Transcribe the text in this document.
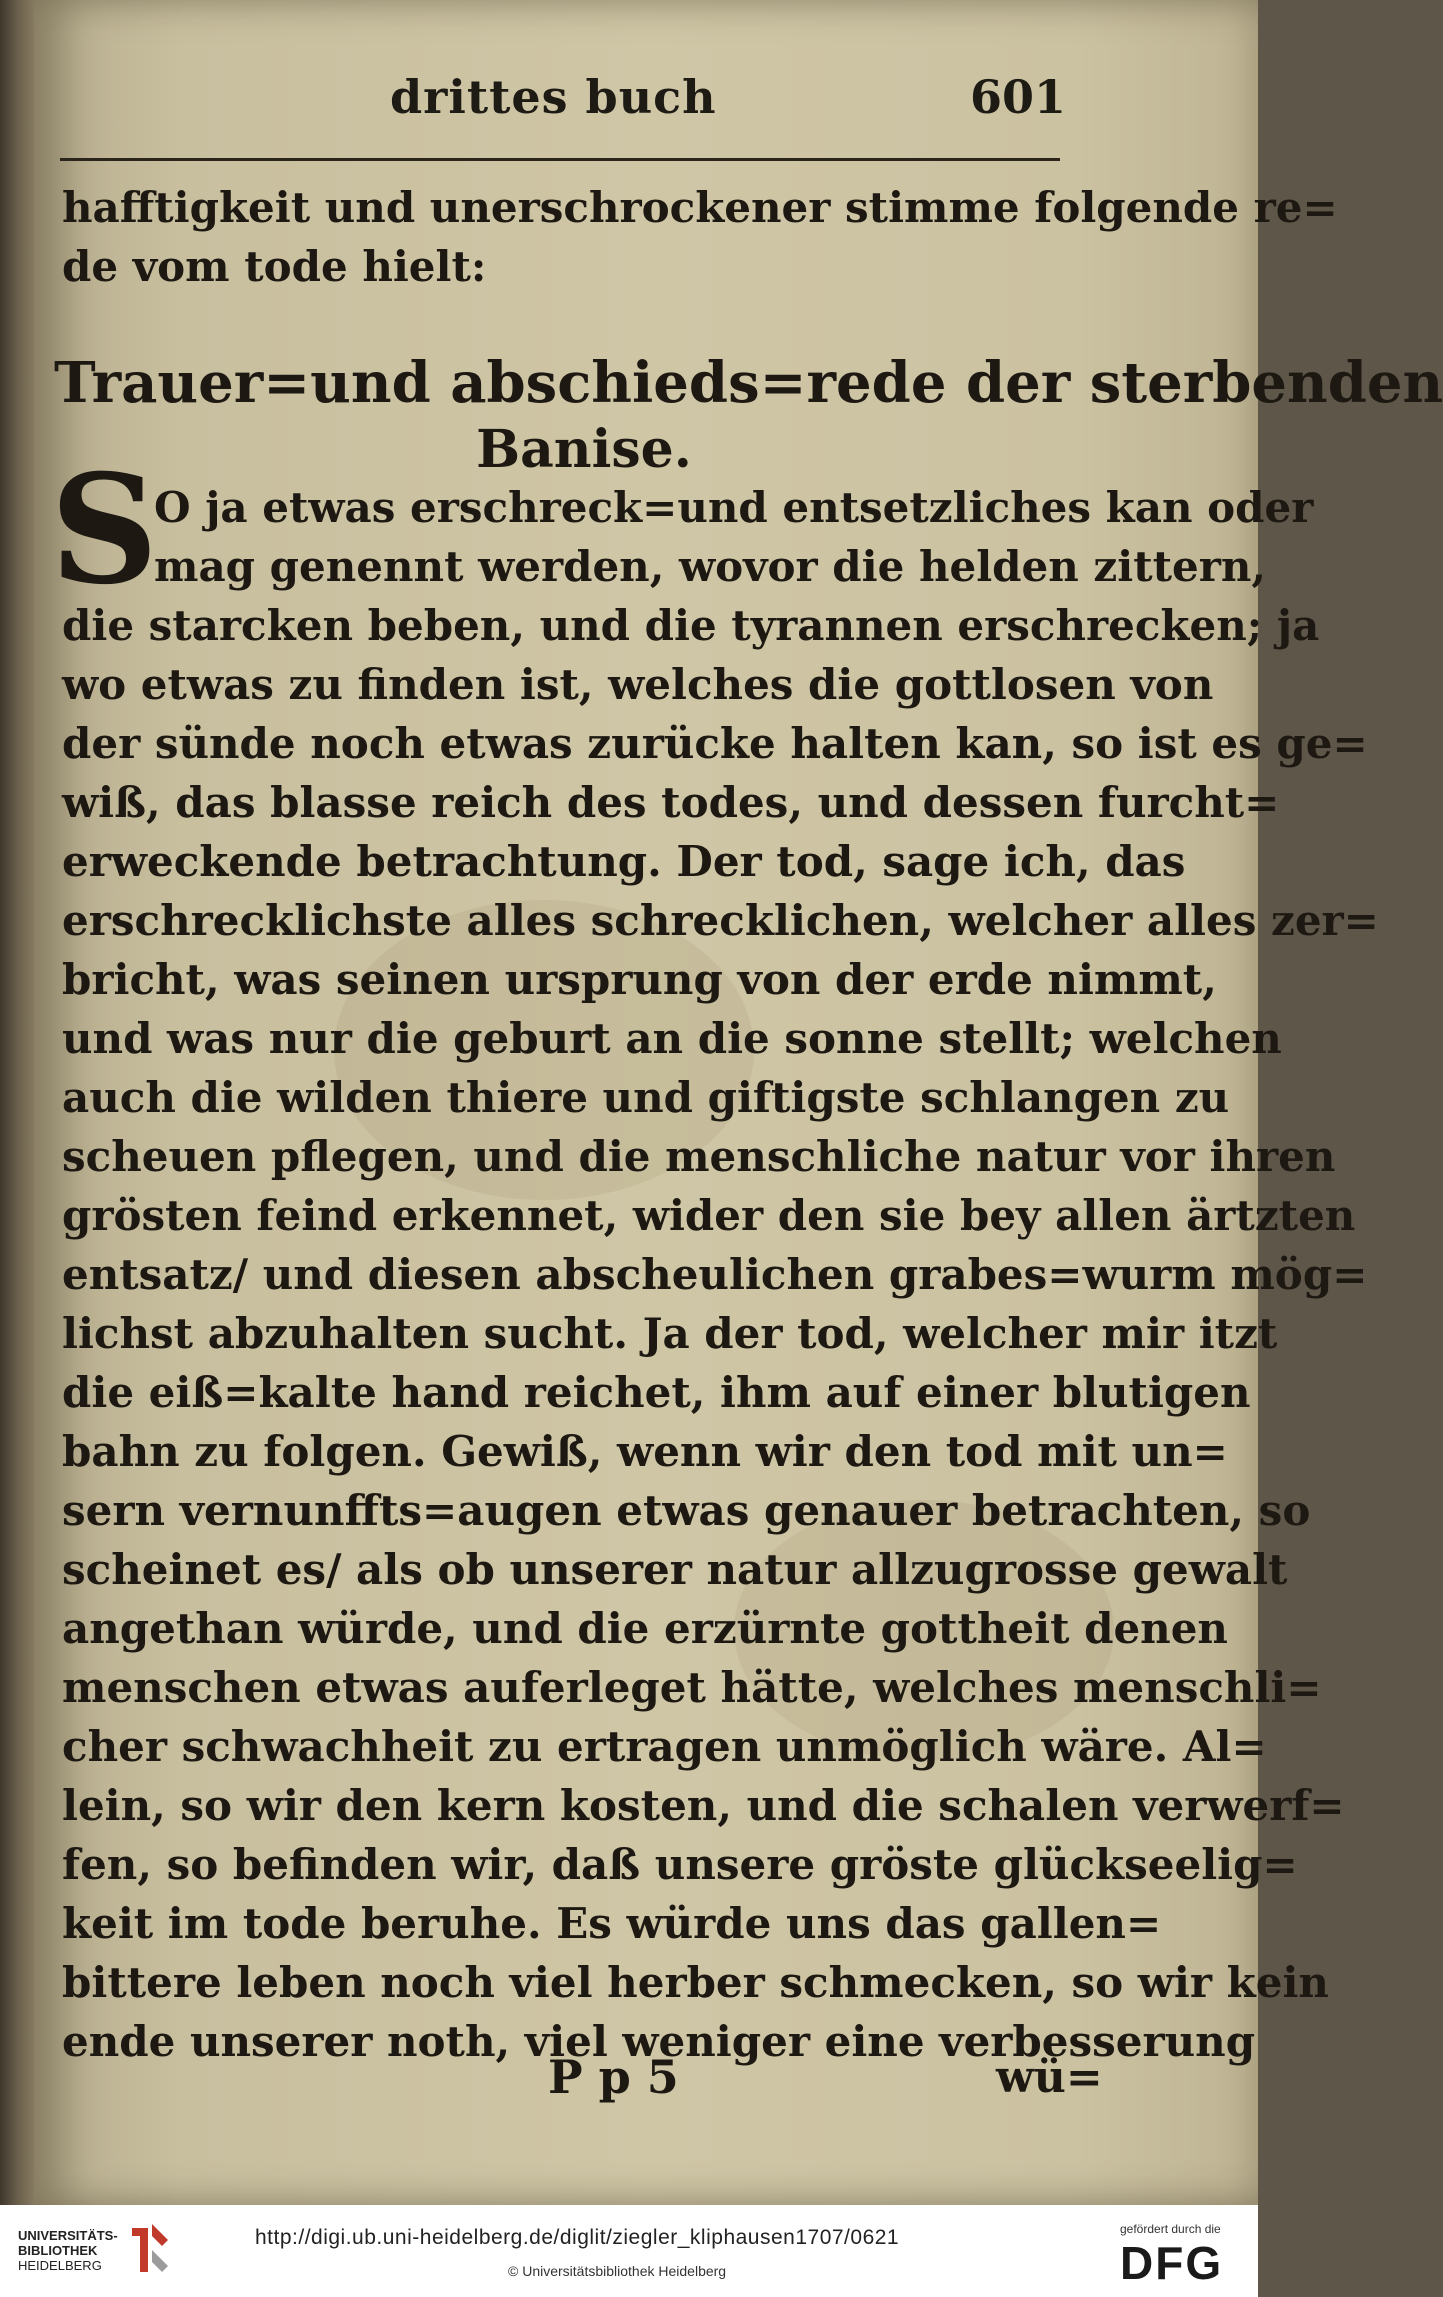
drittes buch	601
hafftigkeit und unerschrockener stimme folgende re=
de vom tode hielt:
Trauer=und abschieds=rede der sterbenden
Banise.
S
O ja etwas erschreck=und entsetzliches kan oder
mag genennt werden, wovor die helden zittern,
die starcken beben, und die tyrannen erschrecken; ja
wo etwas zu finden ist, welches die gottlosen von
der sünde noch etwas zurücke halten kan, so ist es ge=
wiß, das blasse reich des todes, und dessen furcht=
erweckende betrachtung. Der tod, sage ich, das
erschrecklichste alles schrecklichen, welcher alles zer=
bricht, was seinen ursprung von der erde nimmt,
und was nur die geburt an die sonne stellt; welchen
auch die wilden thiere und giftigste schlangen zu
scheuen pflegen, und die menschliche natur vor ihren
grösten feind erkennet, wider den sie bey allen ärtzten
entsatz/ und diesen abscheulichen grabes=wurm mög=
lichst abzuhalten sucht. Ja der tod, welcher mir itzt
die eiß=kalte hand reichet, ihm auf einer blutigen
bahn zu folgen. Gewiß, wenn wir den tod mit un=
sern vernunffts=augen etwas genauer betrachten, so
scheinet es/ als ob unserer natur allzugrosse gewalt
angethan würde, und die erzürnte gottheit denen
menschen etwas auferleget hätte, welches menschli=
cher schwachheit zu ertragen unmöglich wäre. Al=
lein, so wir den kern kosten, und die schalen verwerf=
fen, so befinden wir, daß unsere gröste glückseelig=
keit im tode beruhe. Es würde uns das gallen=
bittere leben noch viel herber schmecken, so wir kein
ende unserer noth, viel weniger eine verbesserung
P p 5	wü=
UNIVERSITÄTS-
BIBLIOTHEK
HEIDELBERG
http://digi.ub.uni-heidelberg.de/diglit/ziegler_kliphausen1707/0621
© Universitätsbibliothek Heidelberg
gefördert durch die
DFG
